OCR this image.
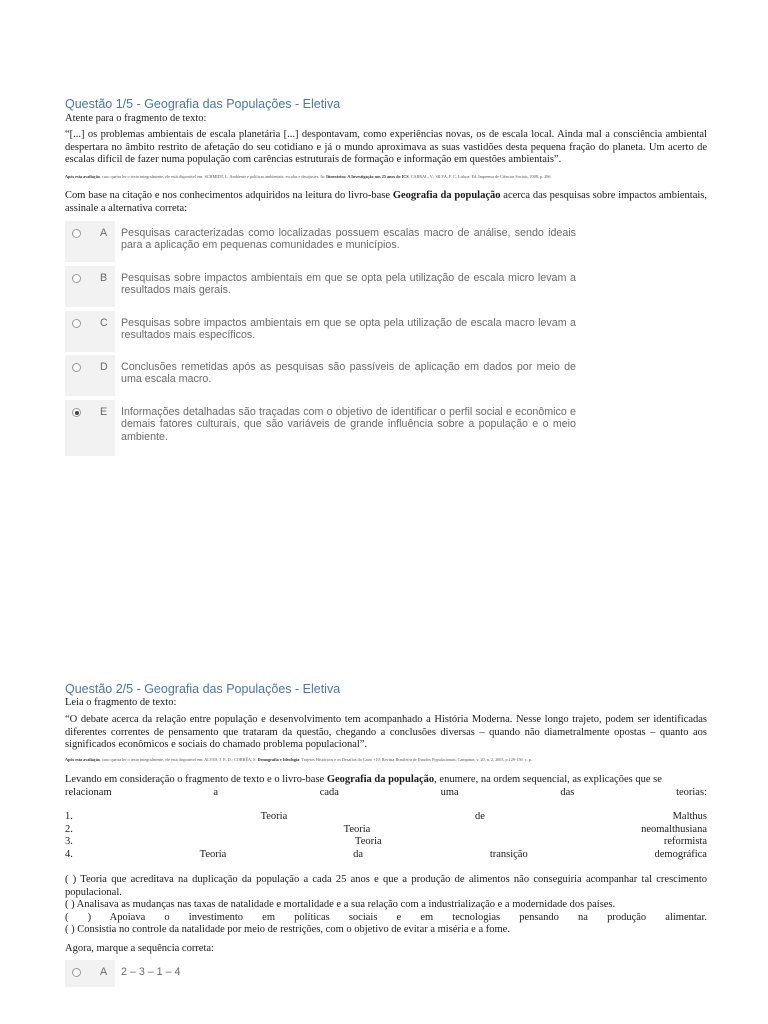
Questão 1/5 - Geografia das Populações - Eletiva
Atente para o fragmento de texto:
“[...] os problemas ambientais de escala planetária [...] despontavam, como experiências novas, os de escala local. Ainda mal a consciência ambiental despertara no âmbito restrito de afetação do seu cotidiano e já o mundo aproximava as suas vastidões desta pequena fração do planeta. Um acerto de escalas difícil de fazer numa população com carências estruturais de formação e informação em questões ambientais”.
Após esta avaliação, caso queira ler o texto integralmente, ele está disponível em: SCHMIDT, L. Ambiente e políticas ambientais: escalas e desajustes. In: Itinerários: A Investigação nos 25 anos do ICS. CABRAL, V.; SILVA, F. C. Lisboa: Ed. Imprensa de Ciências Sociais, 2008, p. 296.
Com base na citação e nos conhecimentos adquiridos na leitura do livro-base Geografia da população acerca das pesquisas sobre impactos ambientais, assinale a alternativa correta:
A Pesquisas caracterizadas como localizadas possuem escalas macro de análise, sendo ideais para a aplicação em pequenas comunidades e municípios.
B Pesquisas sobre impactos ambientais em que se opta pela utilização de escala micro levam a resultados mais gerais.
C Pesquisas sobre impactos ambientais em que se opta pela utilização de escala macro levam a resultados mais específicos.
D Conclusões remetidas após as pesquisas são passíveis de aplicação em dados por meio de uma escala macro.
E Informações detalhadas são traçadas com o objetivo de identificar o perfil social e econômico e demais fatores culturais, que são variáveis de grande influência sobre a população e o meio ambiente.
Questão 2/5 - Geografia das Populações - Eletiva
Leia o fragmento de texto:
“O debate acerca da relação entre população e desenvolvimento tem acompanhado a História Moderna. Nesse longo trajeto, podem ser identificadas diferentes correntes de pensamento que trataram da questão, chegando a conclusões diversas – quando não diametralmente opostas – quanto aos significados econômicos e sociais do chamado problema populacional”.
Após esta avaliação, caso queira ler o texto integralmente, ele está disponível em: ALVES, J. E. D.; CORRÊA, S. Demografia e Ideologia: Trajetos Históricos e os Desafios do Cairo +10. Revista Brasileira de Estudos Populacionais, Campinas, v. 20, n. 2, 2003, p.129-156. c. p.
Levando em consideração o fragmento de texto e o livro-base Geografia da população, enumere, na ordem sequencial, as explicações que se
relacionam	a	cada	uma	das	teorias:
1.	Teoria	de	Malthus
2.	Teoria	neomalthusiana
3.	Teoria	reformista
4.	Teoria	da	transição	demográfica
( ) Teoria que acreditava na duplicação da população a cada 25 anos e que a produção de alimentos não conseguiria acompanhar tal crescimento populacional.
( ) Analisava as mudanças nas taxas de natalidade e mortalidade e a sua relação com a industrialização e a modernidade dos países.
( ) Apoiava o investimento em políticas sociais e em tecnologias pensando na produção alimentar.
( ) Consistia no controle da natalidade por meio de restrições, com o objetivo de evitar a miséria e a fome.
Agora, marque a sequência correta:
A 2 – 3 – 1 – 4
